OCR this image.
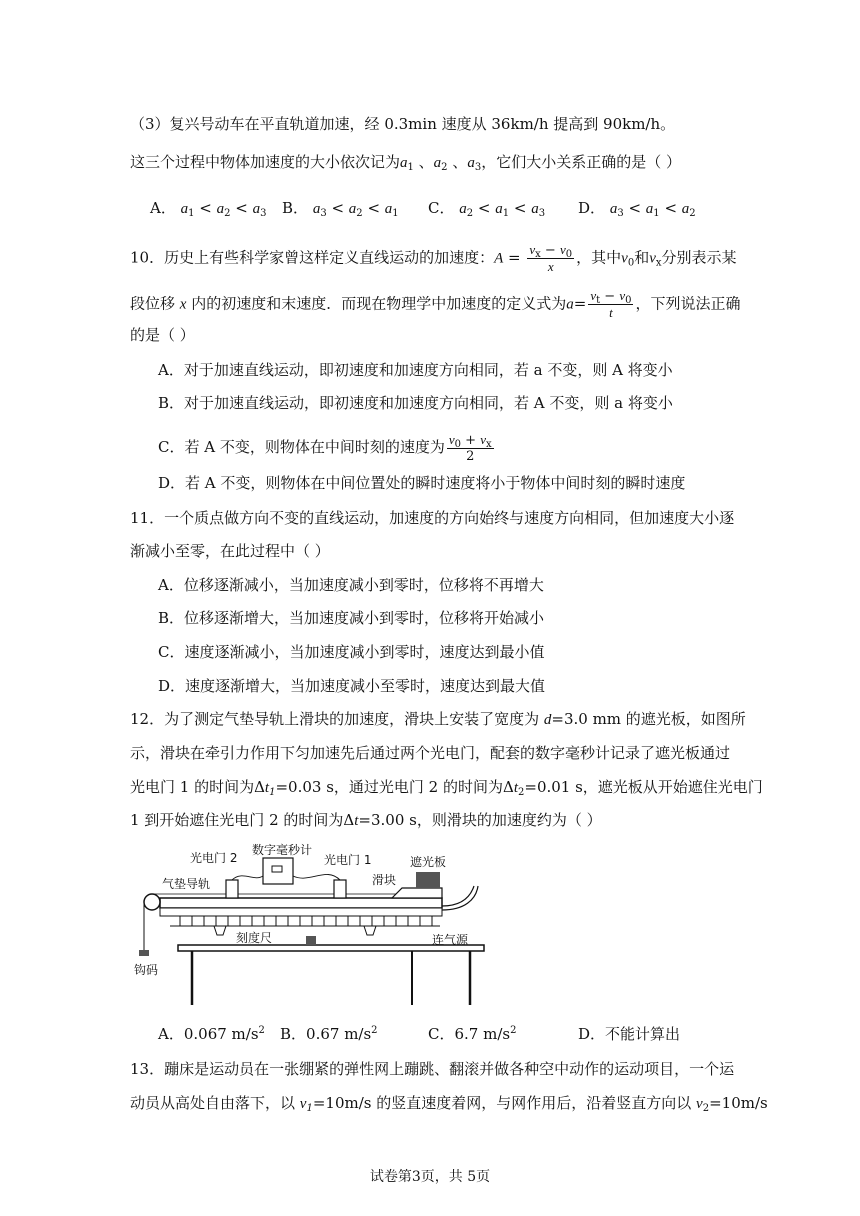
（3）复兴号动车在平直轨道加速，经 0.3min 速度从 36km/h 提高到 90km/h。
这三个过程中物体加速度的大小依次记为$a_1$ 、$a_2$ 、$a_3$，它们大小关系正确的是（ ）
A． $a_1 < a_2 < a_3$ B． $a_3 < a_2 < a_1$ C． $a_2 < a_1 < a_3$ D． $a_3 < a_1 < a_2$
10．历史上有些科学家曾这样定义直线运动的加速度：$A = \frac{v_x - v_0}{x}$ ，其中$v_0$和$v_x$分别表示某
段位移 x 内的初速度和末速度．而现在物理学中加速度的定义式为$a= \frac{v_t - v_0}{t}$ ，下列说法正确
的是（ ）
A．对于加速直线运动，即初速度和加速度方向相同，若 a 不变，则 A 将变小
B．对于加速直线运动，即初速度和加速度方向相同，若 A 不变，则 a 将变小
C．若 A 不变，则物体在中间时刻的速度为 $\frac{v_0 + v_x}{2}$
D．若 A 不变，则物体在中间位置处的瞬时速度将小于物体中间时刻的瞬时速度
11．一个质点做方向不变的直线运动，加速度的方向始终与速度方向相同，但加速度大小逐
渐减小至零，在此过程中（ ）
A．位移逐渐减小，当加速度减小到零时，位移将不再增大
B．位移逐渐增大，当加速度减小到零时，位移将开始减小
C．速度逐渐减小，当加速度减小到零时，速度达到最小值
D．速度逐渐增大，当加速度减小至零时，速度达到最大值
12．为了测定气垫导轨上滑块的加速度，滑块上安装了宽度为 d=3.0 mm 的遮光板，如图所
示，滑块在牵引力作用下匀加速先后通过两个光电门，配套的数字毫秒计记录了遮光板通过
光电门 1 的时间为$\Delta t_1=0.03$ s，通过光电门 2 的时间为$\Delta t_2=0.01$ s，遮光板从开始遮住光电门
1 到开始遮住光电门 2 的时间为Δt=3.00 s，则滑块的加速度约为（ ）
光电门 2
数字毫秒计
光电门 1
气垫导轨	滑块
遮光板
刻度尺	连气源
钩码
A．0.067 $m/s^2$ B．0.67 $m/s^2$	C．6.7 $m/s^2$	D．不能计算出
13．蹦床是运动员在一张绷紧的弹性网上蹦跳、翻滚并做各种空中动作的运动项目，一个运
动员从高处自由落下，以 $v_1=10m/s$ 的竖直速度着网，与网作用后，沿着竖直方向以 $v_2=10m/s$
试卷第3页，共 5页
